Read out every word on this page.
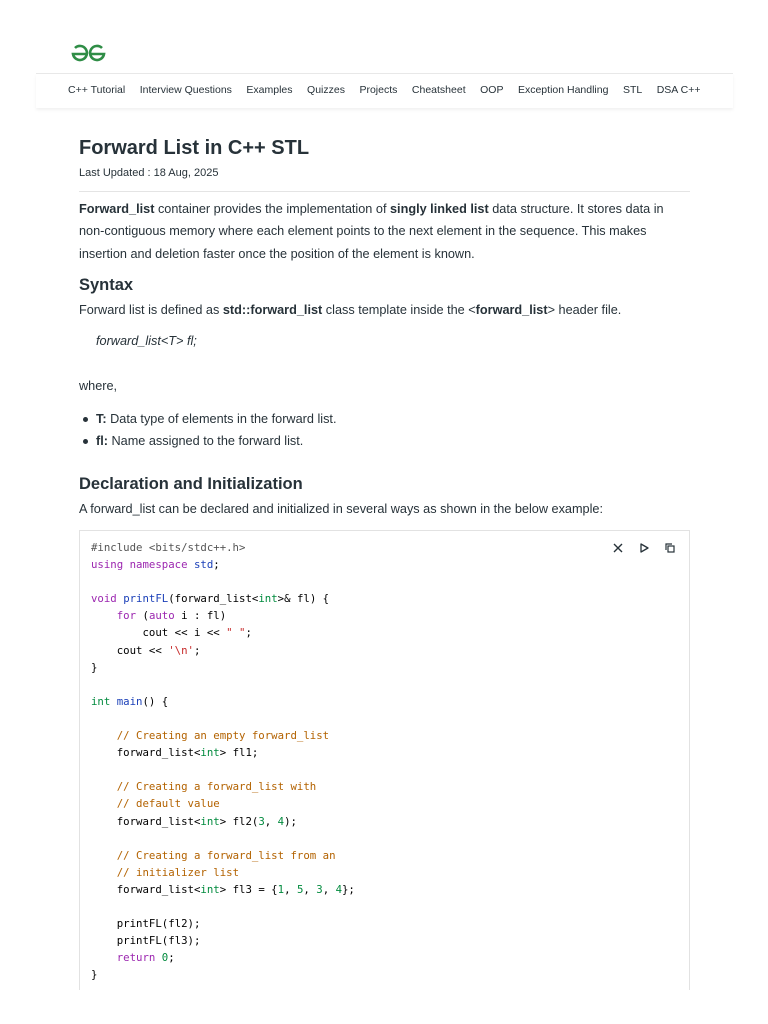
C++ Tutorial Interview Questions Examples Quizzes Projects Cheatsheet OOP Exception Handling STL DSA C++
Forward List in C++ STL
Last Updated : 18 Aug, 2025

Forward_list container provides the implementation of singly linked list data structure. It stores data in non-contiguous memory where each element points to the next element in the sequence. This makes insertion and deletion faster once the position of the element is known.

Syntax

Forward list is defined as std::forward_list class template inside the <forward_list> header file.

forward_list<T> fl;
where,
T: Data type of elements in the forward list.
fl: Name assigned to the forward list.
Declaration and Initialization

A forward_list can be declared and initialized in several ways as shown in the below example:

#include <bits/stdc++.h>
using namespace std;

void printFL(forward_list<int>& fl) {
for (auto i : fl)
cout << i << " ";
cout << '\n';
}

int main() {

// Creating an empty forward_list
forward_list<int> fl1;

// Creating a forward_list with
// default value
forward_list<int> fl2(3, 4);

// Creating a forward_list from an
// initializer list
forward_list<int> fl3 = {1, 5, 3, 4};

printFL(fl2);
printFL(fl3);
return 0;
}
